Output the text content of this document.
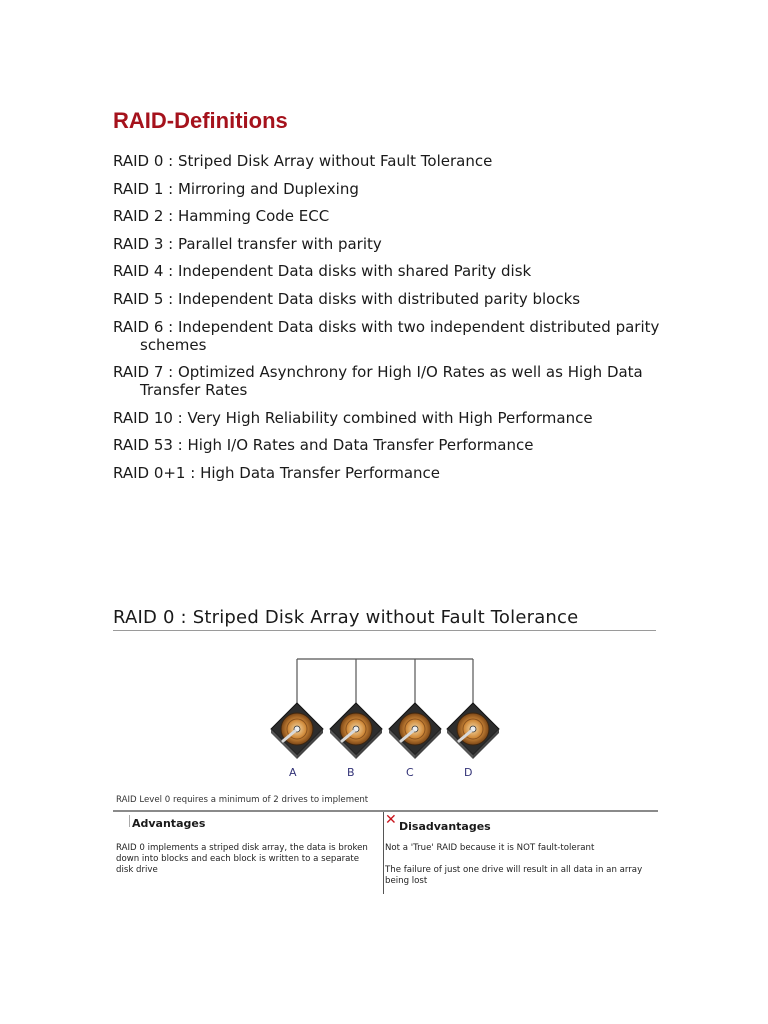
RAID-Definitions
RAID 0 : Striped Disk Array without Fault Tolerance
RAID 1 : Mirroring and Duplexing
RAID 2 : Hamming Code ECC
RAID 3 : Parallel transfer with parity
RAID 4 : Independent Data disks with shared Parity disk
RAID 5 : Independent Data disks with distributed parity blocks
RAID 6 : Independent Data disks with two independent distributed parity schemes
RAID 7 : Optimized Asynchrony for High I/O Rates as well as High Data Transfer Rates
RAID 10 : Very High Reliability combined with High Performance
RAID 53 : High I/O Rates and Data Transfer Performance
RAID 0+1 : High Data Transfer Performance
RAID 0 : Striped Disk Array without Fault Tolerance
A	B	C	D
RAID Level 0 requires a minimum of 2 drives to implement
Advantages	✕ Disadvantages
RAID 0 implements a striped disk array, the data is broken down into blocks and each block is written to a separate disk drive
Not a 'True' RAID because it is NOT fault-tolerant
The failure of just one drive will result in all data in an array being lost
